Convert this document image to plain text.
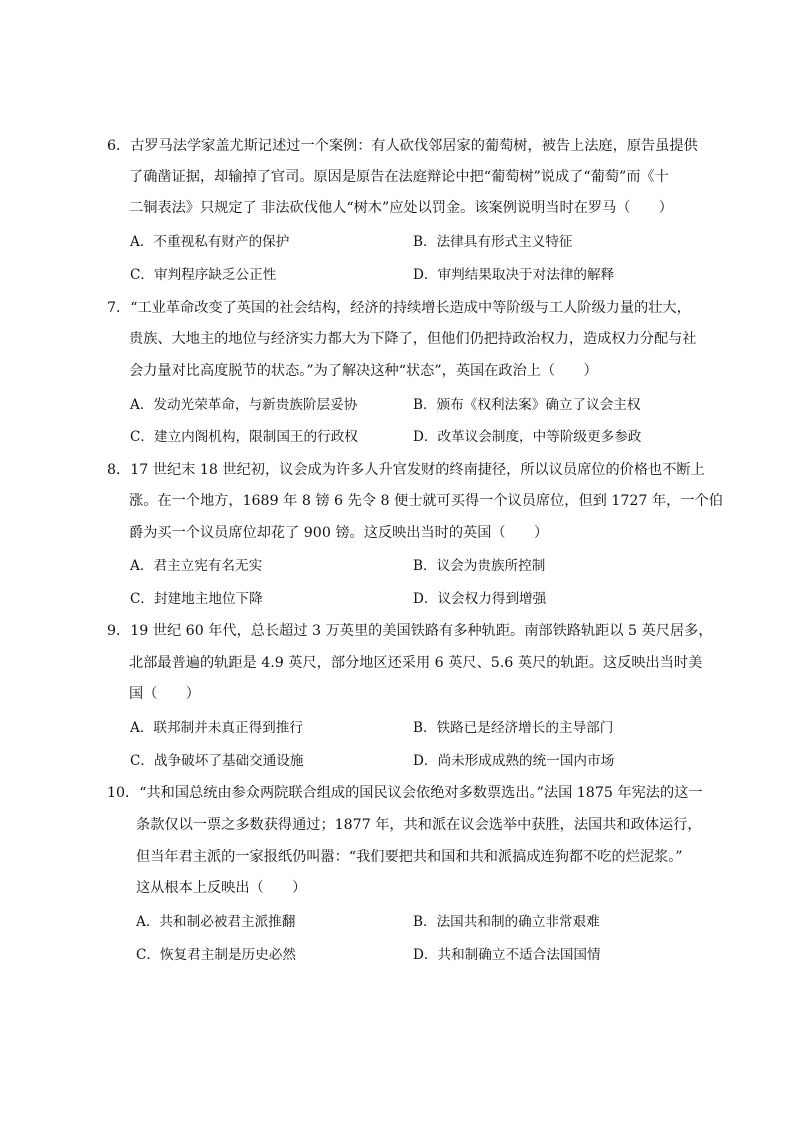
6．古罗马法学家盖尤斯记述过一个案例：有人砍伐邻居家的葡萄树，被告上法庭，原告虽提供
了确凿证据，却输掉了官司。原因是原告在法庭辩论中把“葡萄树”说成了“葡萄”而《十
二铜表法》只规定了 非法砍伐他人“树木”应处以罚金。该案例说明当时在罗马（　　）
A．不重视私有财产的保护	B．法律具有形式主义特征
C．审判程序缺乏公正性	D．审判结果取决于对法律的解释
7．“工业革命改变了英国的社会结构，经济的持续增长造成中等阶级与工人阶级力量的壮大，
贵族、大地主的地位与经济实力都大为下降了，但他们仍把持政治权力，造成权力分配与社
会力量对比高度脱节的状态。”为了解决这种“状态”，英国在政治上（　　）
A．发动光荣革命，与新贵族阶层妥协	B．颁布《权利法案》确立了议会主权
C．建立内阁机构，限制国王的行政权	D．改革议会制度，中等阶级更多参政
8．17 世纪末 18 世纪初，议会成为许多人升官发财的终南捷径，所以议员席位的价格也不断上
涨。在一个地方，1689 年 8 镑 6 先令 8 便士就可买得一个议员席位，但到 1727 年，一个伯
爵为买一个议员席位却花了 900 镑。这反映出当时的英国（　　）
A．君主立宪有名无实	B．议会为贵族所控制
C．封建地主地位下降	D．议会权力得到增强
9．19 世纪 60 年代，总长超过 3 万英里的美国铁路有多种轨距。南部铁路轨距以 5 英尺居多，
北部最普遍的轨距是 4.9 英尺，部分地区还采用 6 英尺、5.6 英尺的轨距。这反映出当时美
国（　　）
A．联邦制并未真正得到推行	B．铁路已是经济增长的主导部门
C．战争破坏了基础交通设施	D．尚未形成成熟的统一国内市场
10．“共和国总统由参众两院联合组成的国民议会依绝对多数票选出。”法国 1875 年宪法的这一
条款仅以一票之多数获得通过；1877 年，共和派在议会选举中获胜，法国共和政体运行，
但当年君主派的一家报纸仍叫嚣：“我们要把共和国和共和派搞成连狗都不吃的烂泥浆。”
这从根本上反映出（　　）
A．共和制必被君主派推翻	B．法国共和制的确立非常艰难
C．恢复君主制是历史必然	D．共和制确立不适合法国国情
